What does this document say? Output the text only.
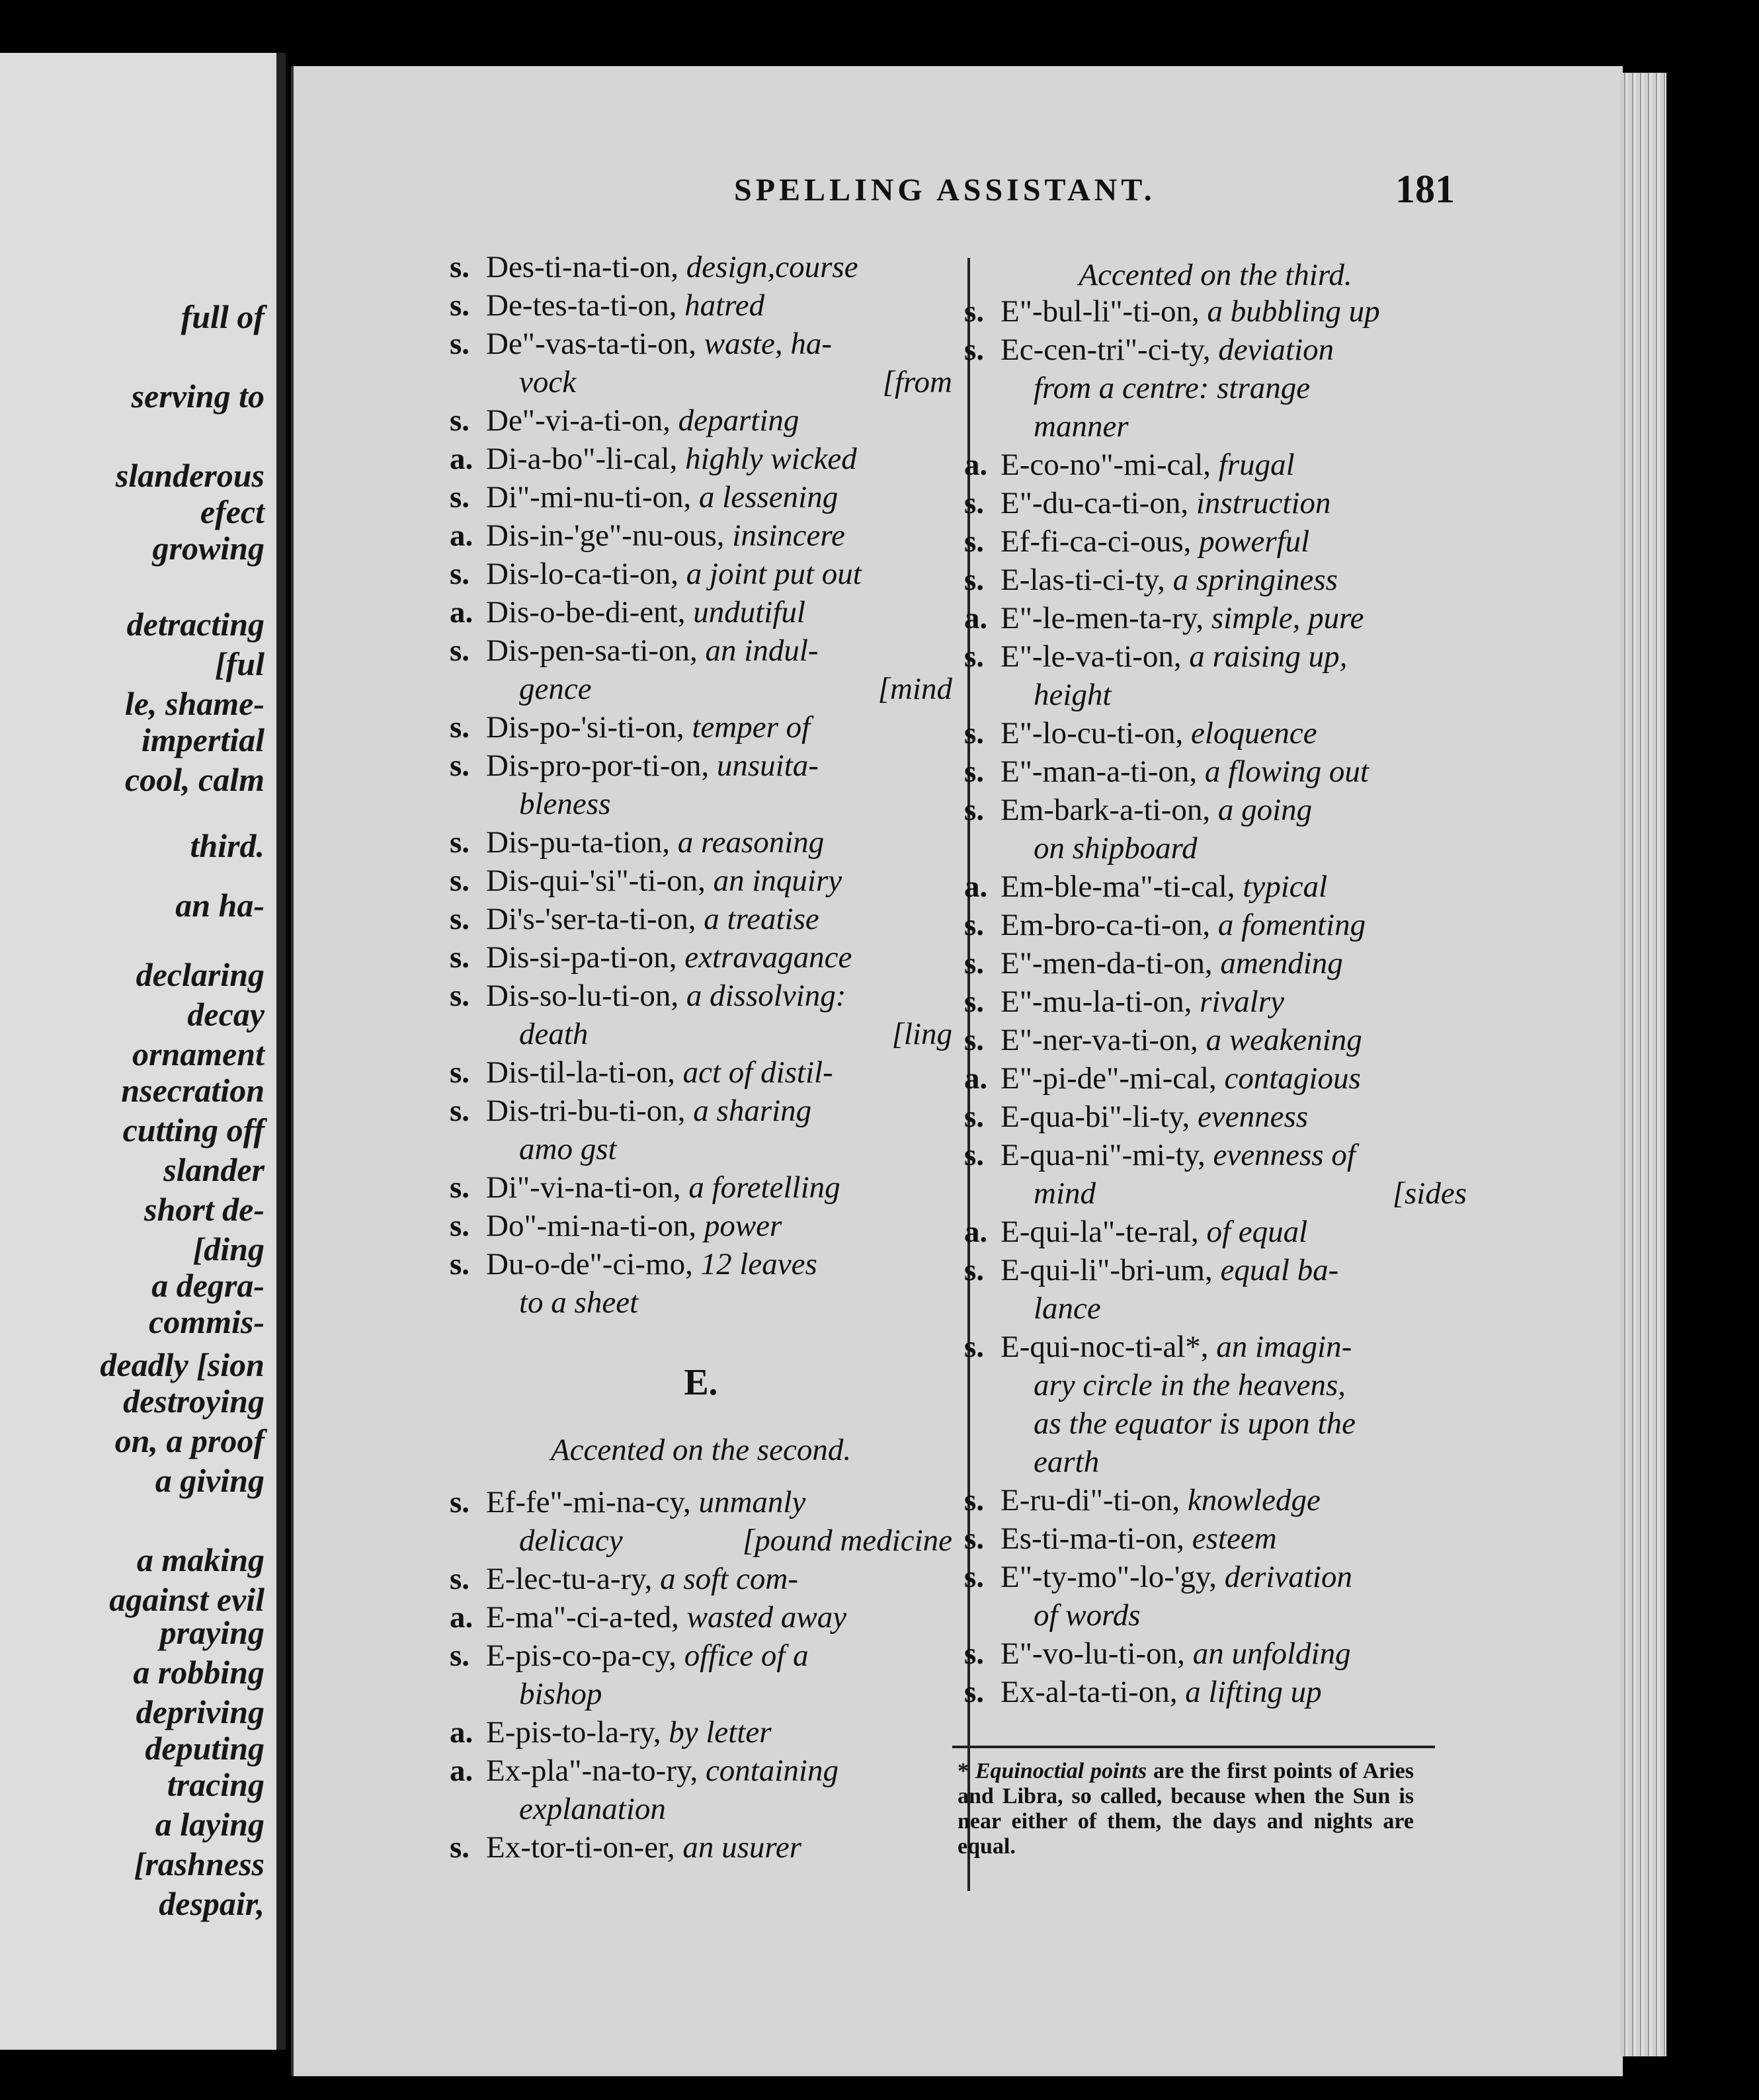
full of
serving to
slanderous
efect
growing
detracting
[ful
le, shame-
impertial
cool, calm
third.
an ha-
declaring
decay
ornament
nsecration
cutting off
slander
short de-
[ding
a degra-
commis-
deadly [sion
destroying
on, a proof
a giving
a making
against evil
praying
a robbing
depriving
deputing
tracing
a laying
[rashness
despair,
SPELLING ASSISTANT.	181
s. Des-ti-na-ti-on, design,course
s. De-tes-ta-ti-on, hatred
s. De"-vas-ta-ti-on, waste, ha-
vock	[from
s. De"-vi-a-ti-on, departing
a. Di-a-bo"-li-cal, highly wicked
s. Di"-mi-nu-ti-on, a lessening
a. Dis-in-'ge"-nu-ous, insincere
s. Dis-lo-ca-ti-on, a joint put out
a. Dis-o-be-di-ent, undutiful
s. Dis-pen-sa-ti-on, an indul-
gence	[mind
s. Dis-po-'si-ti-on, temper of
s. Dis-pro-por-ti-on, unsuita-
bleness
s. Dis-pu-ta-tion, a reasoning
s. Dis-qui-'si"-ti-on, an inquiry
s. Di's-'ser-ta-ti-on, a treatise
s. Dis-si-pa-ti-on, extravagance
s. Dis-so-lu-ti-on, a dissolving:
death	[ling
s. Dis-til-la-ti-on, act of distil-
s. Dis-tri-bu-ti-on, a sharing
amo gst
s. Di"-vi-na-ti-on, a foretelling
s. Do"-mi-na-ti-on, power
s. Du-o-de"-ci-mo, 12 leaves
to a sheet
E.
Accented on the second.
s. Ef-fe"-mi-na-cy, unmanly
delicacy	[pound medicine
s. E-lec-tu-a-ry, a soft com-
a. E-ma"-ci-a-ted, wasted away
s. E-pis-co-pa-cy, office of a
bishop
a. E-pis-to-la-ry, by letter
a. Ex-pla"-na-to-ry, containing
explanation
s. Ex-tor-ti-on-er, an usurer
Accented on the third.
s. E"-bul-li"-ti-on, a bubbling up
s. Ec-cen-tri"-ci-ty, deviation
from a centre: strange
manner
a. E-co-no"-mi-cal, frugal
s. E"-du-ca-ti-on, instruction
s. Ef-fi-ca-ci-ous, powerful
s. E-las-ti-ci-ty, a springiness
a. E"-le-men-ta-ry, simple, pure
s. E"-le-va-ti-on, a raising up,
height
s. E"-lo-cu-ti-on, eloquence
s. E"-man-a-ti-on, a flowing out
s. Em-bark-a-ti-on, a going
on shipboard
a. Em-ble-ma"-ti-cal, typical
s. Em-bro-ca-ti-on, a fomenting
s. E"-men-da-ti-on, amending
s. E"-mu-la-ti-on, rivalry
s. E"-ner-va-ti-on, a weakening
a. E"-pi-de"-mi-cal, contagious
s. E-qua-bi"-li-ty, evenness
s. E-qua-ni"-mi-ty, evenness of
mind	[sides
a. E-qui-la"-te-ral, of equal
s. E-qui-li"-bri-um, equal ba-
lance
s. E-qui-noc-ti-al*, an imagin-
ary circle in the heavens,
as the equator is upon the
earth
s. E-ru-di"-ti-on, knowledge
s. Es-ti-ma-ti-on, esteem
s. E"-ty-mo"-lo-'gy, derivation
of words
s. E"-vo-lu-ti-on, an unfolding
s. Ex-al-ta-ti-on, a lifting up
* Equinoctial points are the first points of Aries and Libra, so called, because when the Sun is near either of them, the days and nights are equal.
